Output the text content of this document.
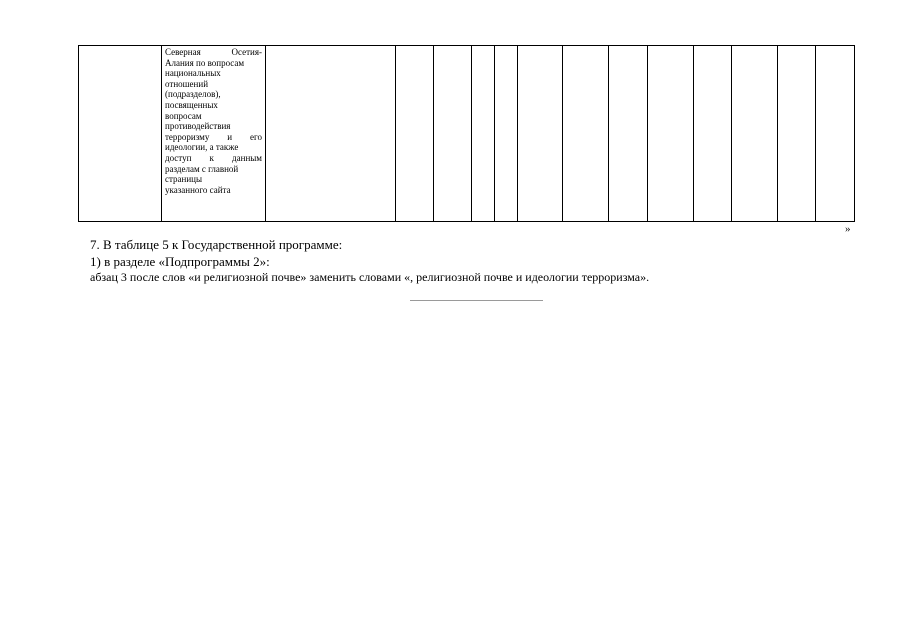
Северная Осетия-
Алания по вопросам
национальных
отношений
(подразделов),
посвященных
вопросам
противодействия
терроризму и его
идеологии, а также
доступ к данным
разделам с главной
страницы
указанного сайта

»
7. В таблице 5 к Государственной программе:
1) в разделе «Подпрограммы 2»:
абзац 3 после слов «и религиозной почве» заменить словами «, религиозной почве и идеологии терроризма».
